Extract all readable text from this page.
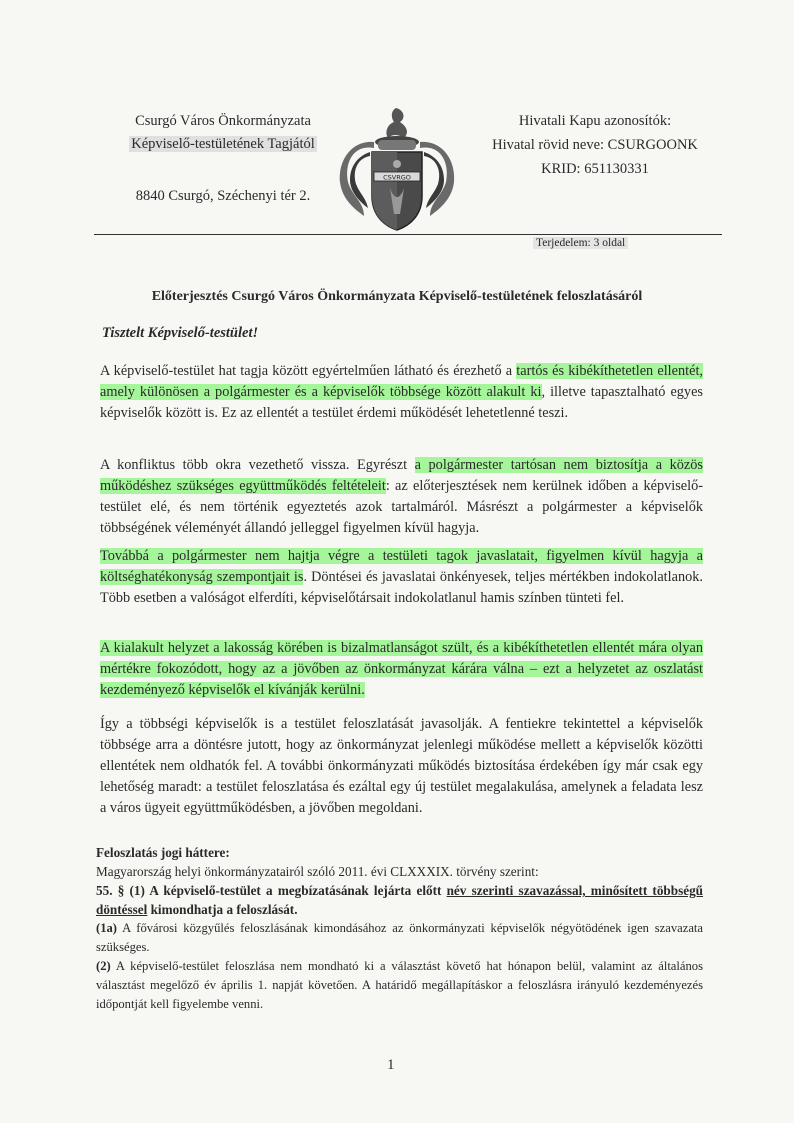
Csurgó Város Önkormányzata
Képviselő-testületének Tagjától
8840 Csurgó, Széchenyi tér 2.
CSVRGO
Hivatali Kapu azonosítók:
Hivatal rövid neve: CSURGOONK
KRID: 651130331
Terjedelem: 3 oldal
Előterjesztés Csurgó Város Önkormányzata Képviselő-testületének feloszlatásáról
Tisztelt Képviselő-testület!
A képviselő-testület hat tagja között egyértelműen látható és érezhető a tartós és kibékíthetetlen ellentét, amely különösen a polgármester és a képviselők többsége között alakult ki, illetve tapasztalható egyes képviselők között is. Ez az ellentét a testület érdemi működését lehetetlenné teszi.
A konfliktus több okra vezethető vissza. Egyrészt a polgármester tartósan nem biztosítja a közös működéshez szükséges együttműködés feltételeit: az előterjesztések nem kerülnek időben a képviselő-testület elé, és nem történik egyeztetés azok tartalmáról. Másrészt a polgármester a képviselők többségének véleményét állandó jelleggel figyelmen kívül hagyja.
Továbbá a polgármester nem hajtja végre a testületi tagok javaslatait, figyelmen kívül hagyja a költséghatékonyság szempontjait is. Döntései és javaslatai önkényesek, teljes mértékben indokolatlanok. Több esetben a valóságot elferdíti, képviselőtársait indokolatlanul hamis színben tünteti fel.
A kialakult helyzet a lakosság körében is bizalmatlanságot szült, és a kibékíthetetlen ellentét mára olyan mértékre fokozódott, hogy az a jövőben az önkormányzat kárára válna – ezt a helyzetet az oszlatást kezdeményező képviselők el kívánják kerülni.
Így a többségi képviselők is a testület feloszlatását javasolják. A fentiekre tekintettel a képviselők többsége arra a döntésre jutott, hogy az önkormányzat jelenlegi működése mellett a képviselők közötti ellentétek nem oldhatók fel. A további önkormányzati működés biztosítása érdekében így már csak egy lehetőség maradt: a testület feloszlatása és ezáltal egy új testület megalakulása, amelynek a feladata lesz a város ügyeit együttműködésben, a jövőben megoldani.

Feloszlatás jogi háttere:

Magyarország helyi önkormányzatairól szóló 2011. évi CLXXXIX. törvény szerint:

55. § (1) A képviselő-testület a megbízatásának lejárta előtt név szerinti szavazással, minősített többségű döntéssel kimondhatja a feloszlását.

(1a) A fővárosi közgyűlés feloszlásának kimondásához az önkormányzati képviselők négyötödének igen szavazata szükséges.

(2) A képviselő-testület feloszlása nem mondható ki a választást követő hat hónapon belül, valamint az általános választást megelőző év április 1. napját követően. A határidő megállapításkor a feloszlásra irányuló kezdeményezés időpontját kell figyelembe venni.

1
